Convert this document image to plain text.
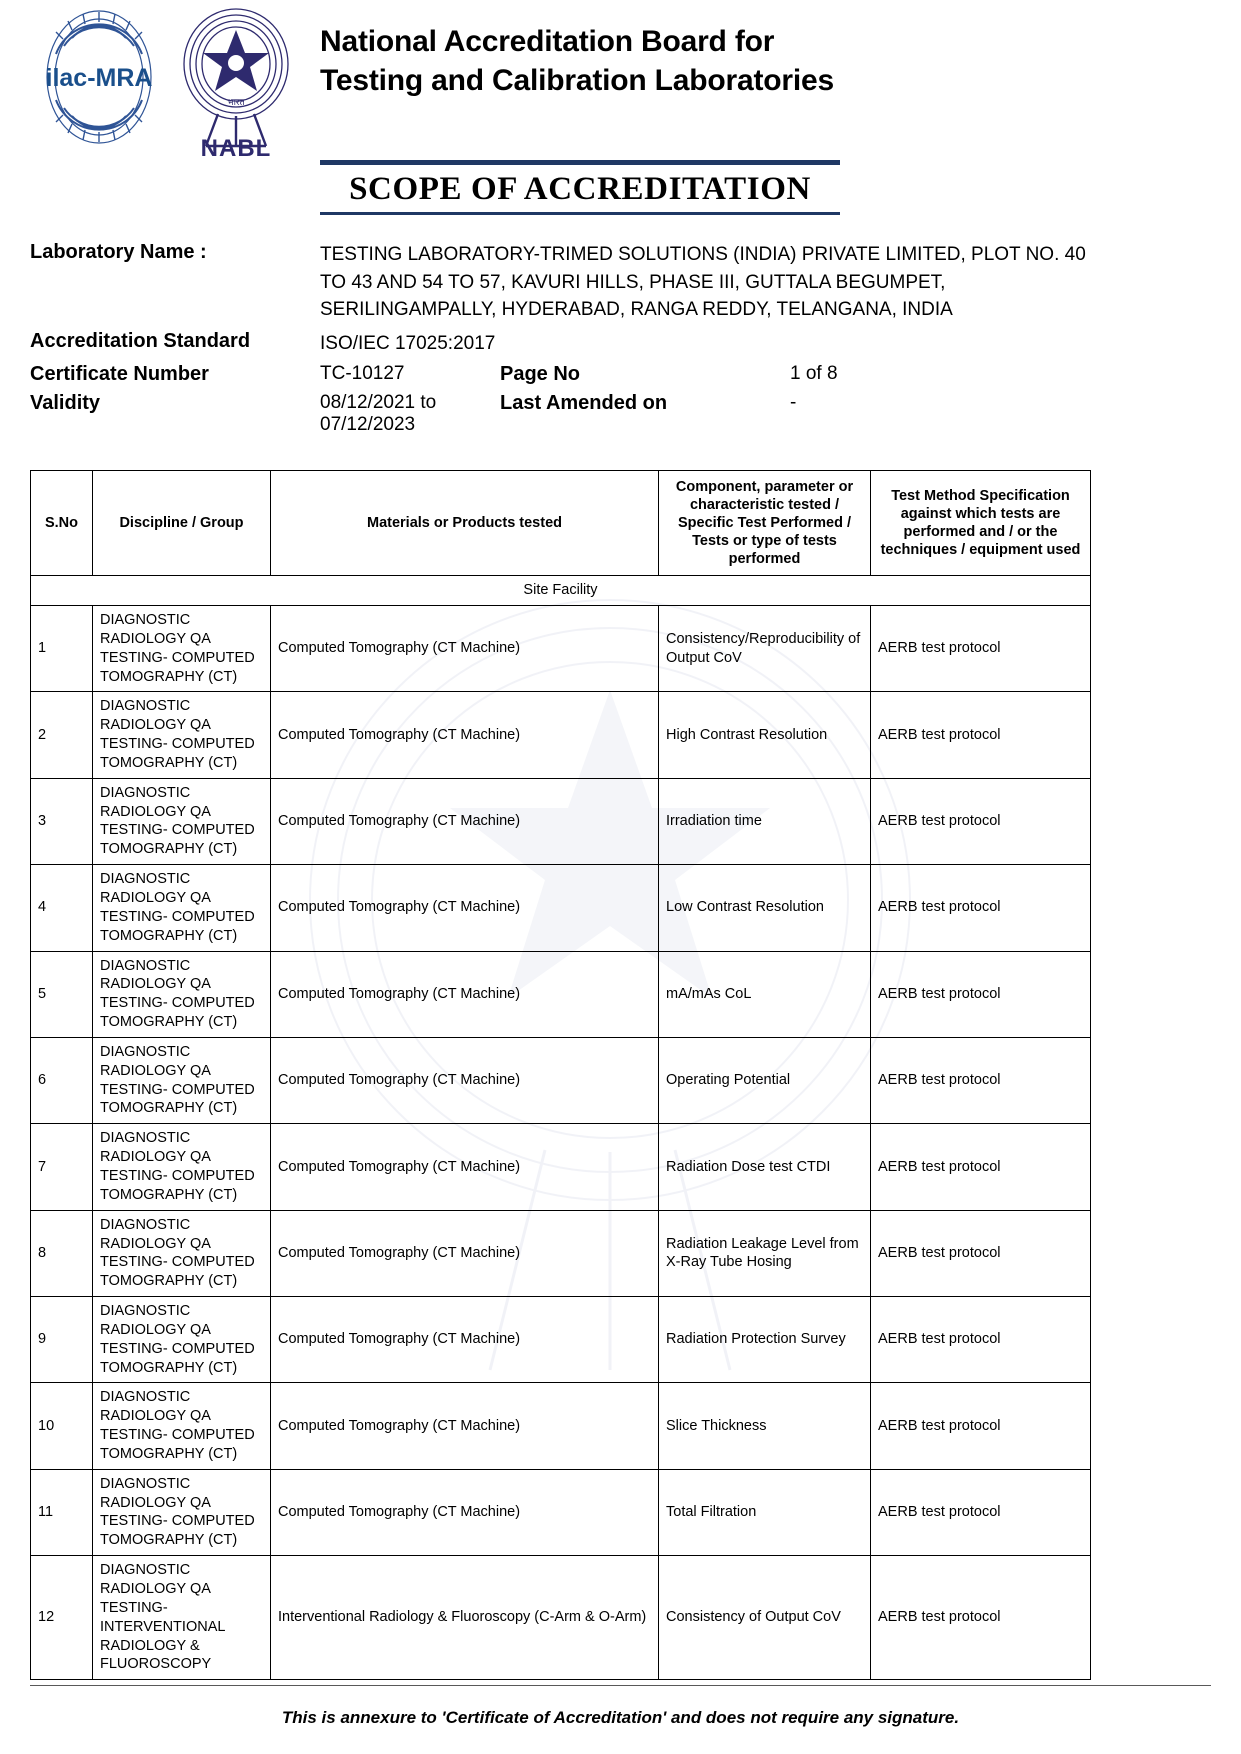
ilac-MRA
भारत
NABL
National Accreditation Board for
Testing and Calibration Laboratories
SCOPE OF ACCREDITATION
Laboratory Name :	TESTING LABORATORY-TRIMED SOLUTIONS (INDIA) PRIVATE LIMITED, PLOT NO. 40 TO 43 AND 54 TO 57, KAVURI HILLS, PHASE III, GUTTALA BEGUMPET, SERILINGAMPALLY, HYDERABAD, RANGA REDDY, TELANGANA, INDIA
Accreditation Standard	ISO/IEC 17025:2017
Certificate Number	TC-10127	Page No	1 of 8
Validity	08/12/2021 to 07/12/2023
Last Amended on	-
S.No	Discipline / Group	Materials or Products tested	Component, parameter or characteristic tested / Specific Test Performed / Tests or type of tests performed	Test Method Specification against which tests are performed and / or the techniques / equipment used
Site Facility				
1	DIAGNOSTIC RADIOLOGY QA TESTING- COMPUTED TOMOGRAPHY (CT)	Computed Tomography (CT Machine)	Consistency/Reproducibility of Output CoV	AERB test protocol
2	DIAGNOSTIC RADIOLOGY QA TESTING- COMPUTED TOMOGRAPHY (CT)	Computed Tomography (CT Machine)	High Contrast Resolution	AERB test protocol
3	DIAGNOSTIC RADIOLOGY QA TESTING- COMPUTED TOMOGRAPHY (CT)	Computed Tomography (CT Machine)	Irradiation time	AERB test protocol
4	DIAGNOSTIC RADIOLOGY QA TESTING- COMPUTED TOMOGRAPHY (CT)	Computed Tomography (CT Machine)	Low Contrast Resolution	AERB test protocol
5	DIAGNOSTIC RADIOLOGY QA TESTING- COMPUTED TOMOGRAPHY (CT)	Computed Tomography (CT Machine)	mA/mAs CoL	AERB test protocol
6	DIAGNOSTIC RADIOLOGY QA TESTING- COMPUTED TOMOGRAPHY (CT)	Computed Tomography (CT Machine)	Operating Potential	AERB test protocol
7	DIAGNOSTIC RADIOLOGY QA TESTING- COMPUTED TOMOGRAPHY (CT)	Computed Tomography (CT Machine)	Radiation Dose test CTDI	AERB test protocol
8	DIAGNOSTIC RADIOLOGY QA TESTING- COMPUTED TOMOGRAPHY (CT)	Computed Tomography (CT Machine)	Radiation Leakage Level from X-Ray Tube Hosing	AERB test protocol
9	DIAGNOSTIC RADIOLOGY QA TESTING- COMPUTED TOMOGRAPHY (CT)	Computed Tomography (CT Machine)	Radiation Protection Survey	AERB test protocol
10	DIAGNOSTIC RADIOLOGY QA TESTING- COMPUTED TOMOGRAPHY (CT)	Computed Tomography (CT Machine)	Slice Thickness	AERB test protocol
11	DIAGNOSTIC RADIOLOGY QA TESTING- COMPUTED TOMOGRAPHY (CT)	Computed Tomography (CT Machine)	Total Filtration	AERB test protocol
12	DIAGNOSTIC RADIOLOGY QA TESTING- INTERVENTIONAL RADIOLOGY & FLUOROSCOPY	Interventional Radiology & Fluoroscopy (C-Arm & O-Arm)	Consistency of Output CoV	AERB test protocol
This is annexure to 'Certificate of Accreditation' and does not require any signature.
